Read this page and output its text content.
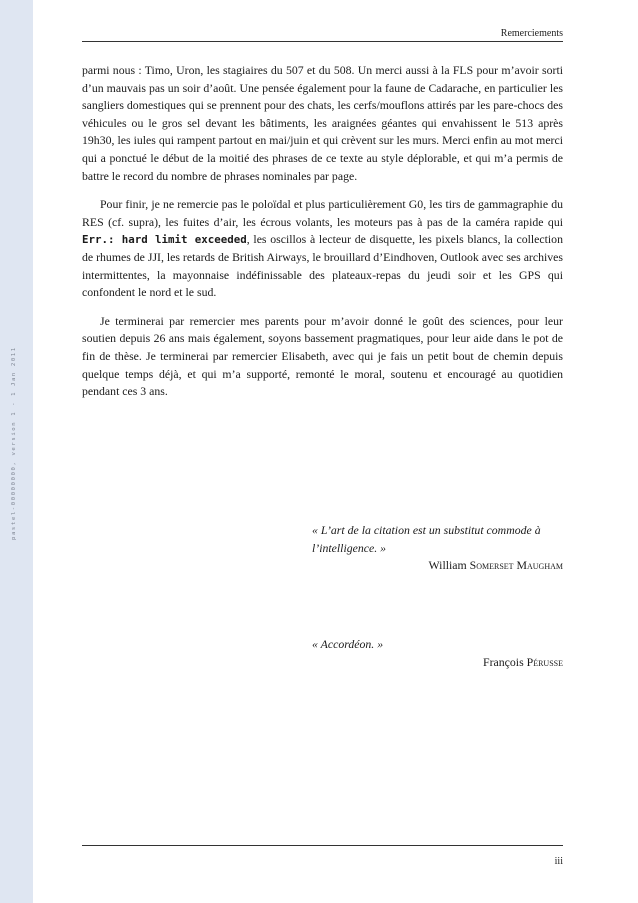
pastel-00000000, version 1 - 1 Jan 2011
Remerciements

parmi nous : Timo, Uron, les stagiaires du 507 et du 508. Un merci aussi à la FLS pour m’avoir sorti d’un mauvais pas un soir d’août. Une pensée également pour la faune de Cadarache, en particulier les sangliers domestiques qui se prennent pour des chats, les cerfs/mouflons attirés par les pare-chocs des véhicules ou le gros sel devant les bâtiments, les araignées géantes qui envahissent le 513 après 19h30, les iules qui rampent partout en mai/juin et qui crèvent sur les murs. Merci enfin au mot merci qui a ponctué le début de la moitié des phrases de ce texte au style déplorable, et qui m’a permis de battre le record du nombre de phrases nominales par page.

Pour finir, je ne remercie pas le poloïdal et plus particulièrement G0, les tirs de gammagraphie du RES (cf. supra), les fuites d’air, les écrous volants, les moteurs pas à pas de la caméra rapide qui Err.: hard limit exceeded, les oscillos à lecteur de disquette, les pixels blancs, la collection de rhumes de JJI, les retards de British Airways, le brouillard d’Eindhoven, Outlook avec ses archives intermittentes, la mayonnaise indéfinissable des plateaux-repas du jeudi soir et les GPS qui confondent le nord et le sud.

Je terminerai par remercier mes parents pour m’avoir donné le goût des sciences, pour leur soutien depuis 26 ans mais également, soyons bassement pragmatiques, pour leur aide dans le pot de fin de thèse. Je terminerai par remercier Elisabeth, avec qui je fais un petit bout de chemin depuis quelque temps déjà, et qui m’a supporté, remonté le moral, soutenu et encouragé au quotidien pendant ces 3 ans.

« L’art de la citation est un substitut commode à l’intelligence. »
William Somerset Maugham
« Accordéon. »
François Pérusse
iii
